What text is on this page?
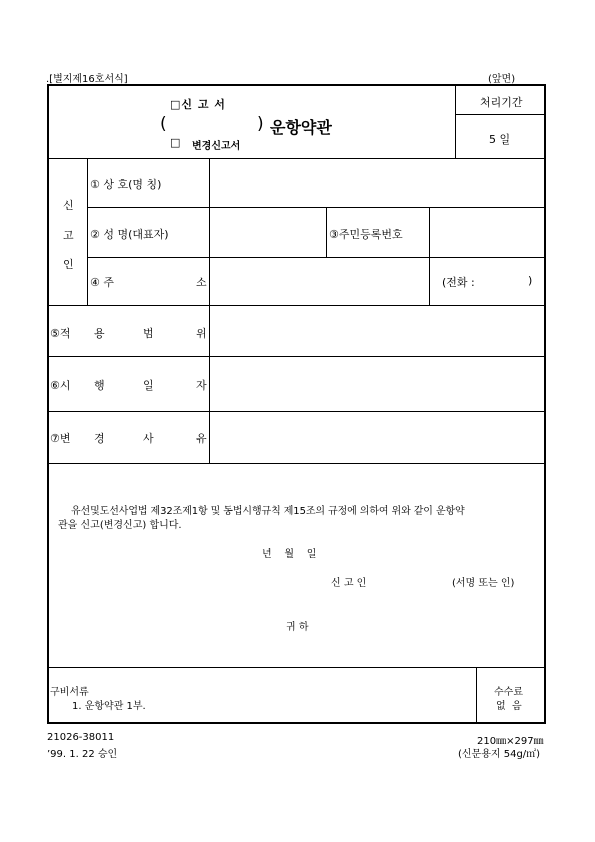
.[별지제16호서식]	(앞면)
□신 고 서
(	) 운항약관
□ 변경신고서
처리기간
5 일
신
고
인
① 상 호(명 칭)
② 성 명(대표자)	③주민등록번호
④ 주	소	(전화 :	)
⑤적 용	범	위
⑥시 행	일	자
⑦변 경	사	유
유선및도선사업법 제32조제1항 및 동법시행규칙 제15조의 규정에 의하여 위와 같이 운항약
관을 신고(변경신고) 합니다.
년    월    일
신 고 인	(서명 또는 인)
귀 하
구비서류
1. 운항약관 1부.
수수료
없  음
21026-38011
’99. 1. 22 승인
210㎜×297㎜
(신문용지 54g/㎡)
